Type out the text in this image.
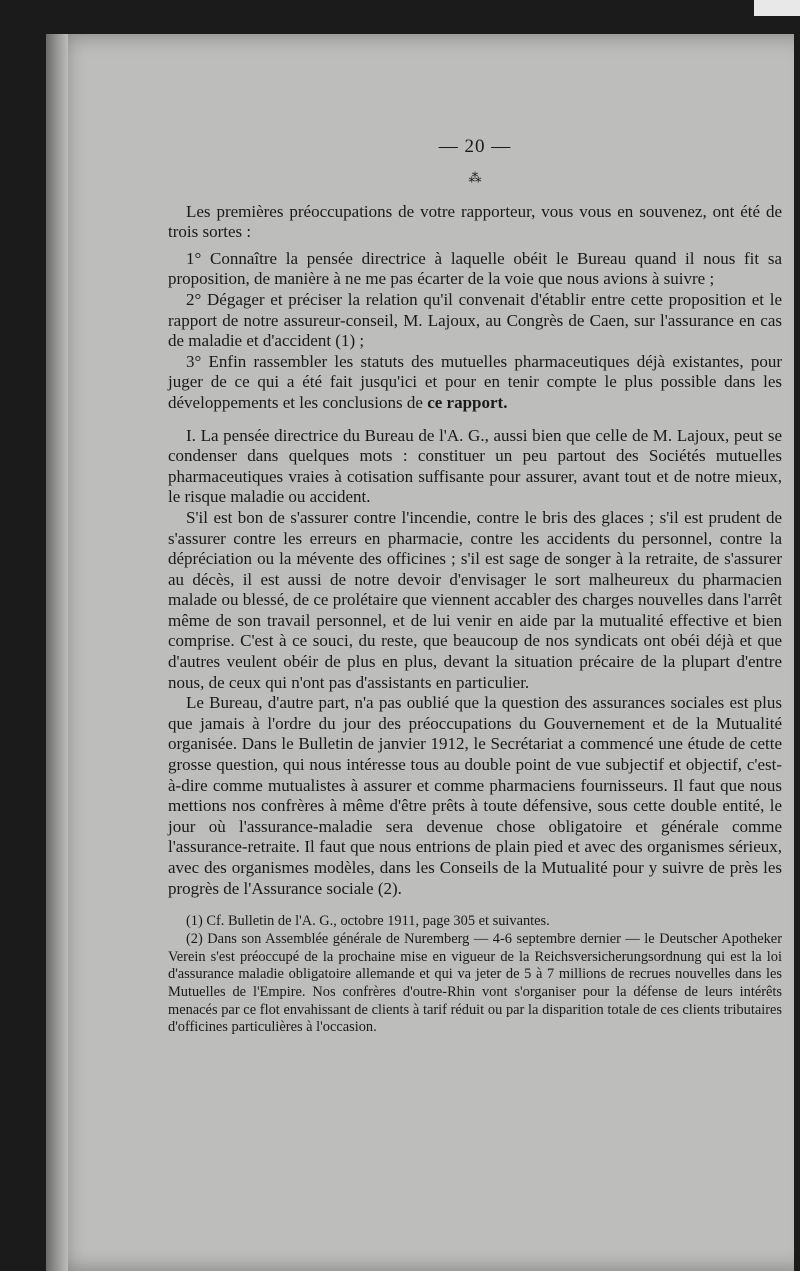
— 20 —
⁂

Les premières préoccupations de votre rapporteur, vous vous en souvenez, ont été de trois sortes :

1° Connaître la pensée directrice à laquelle obéit le Bureau quand il nous fit sa proposition, de manière à ne me pas écarter de la voie que nous avions à suivre ;

2° Dégager et préciser la relation qu'il convenait d'établir entre cette proposition et le rapport de notre assureur-conseil, M. Lajoux, au Congrès de Caen, sur l'assurance en cas de maladie et d'accident (1) ;

3° Enfin rassembler les statuts des mutuelles pharmaceutiques déjà existantes, pour juger de ce qui a été fait jusqu'ici et pour en tenir compte le plus possible dans les développements et les conclusions de ce rapport.

I. La pensée directrice du Bureau de l'A. G., aussi bien que celle de M. Lajoux, peut se condenser dans quelques mots : constituer un peu partout des Sociétés mutuelles pharmaceutiques vraies à cotisation suffisante pour assurer, avant tout et de notre mieux, le risque maladie ou accident.

S'il est bon de s'assurer contre l'incendie, contre le bris des glaces ; s'il est prudent de s'assurer contre les erreurs en pharmacie, contre les accidents du personnel, contre la dépréciation ou la mévente des officines ; s'il est sage de songer à la retraite, de s'assurer au décès, il est aussi de notre devoir d'envisager le sort malheureux du pharmacien malade ou blessé, de ce prolétaire que viennent accabler des charges nouvelles dans l'arrêt même de son travail personnel, et de lui venir en aide par la mutualité effective et bien comprise. C'est à ce souci, du reste, que beaucoup de nos syndicats ont obéi déjà et que d'autres veulent obéir de plus en plus, devant la situation précaire de la plupart d'entre nous, de ceux qui n'ont pas d'assistants en particulier.

Le Bureau, d'autre part, n'a pas oublié que la question des assurances sociales est plus que jamais à l'ordre du jour des préoccupations du Gouvernement et de la Mutualité organisée. Dans le Bulletin de janvier 1912, le Secrétariat a commencé une étude de cette grosse question, qui nous intéresse tous au double point de vue subjectif et objectif, c'est-à-dire comme mutualistes à assurer et comme pharmaciens fournisseurs. Il faut que nous mettions nos confrères à même d'être prêts à toute défensive, sous cette double entité, le jour où l'assurance-maladie sera devenue chose obligatoire et générale comme l'assurance-retraite. Il faut que nous entrions de plain pied et avec des organismes sérieux, avec des organismes modèles, dans les Conseils de la Mutualité pour y suivre de près les progrès de l'Assurance sociale (2).

(1) Cf. Bulletin de l'A. G., octobre 1911, page 305 et suivantes.

(2) Dans son Assemblée générale de Nuremberg — 4-6 septembre dernier — le Deutscher Apotheker Verein s'est préoccupé de la prochaine mise en vigueur de la Reichsversicherungsordnung qui est la loi d'assurance maladie obligatoire allemande et qui va jeter de 5 à 7 millions de recrues nouvelles dans les Mutuelles de l'Empire. Nos confrères d'outre-Rhin vont s'organiser pour la défense de leurs intérêts menacés par ce flot envahissant de clients à tarif réduit ou par la disparition totale de ces clients tributaires d'officines particulières à l'occasion.
